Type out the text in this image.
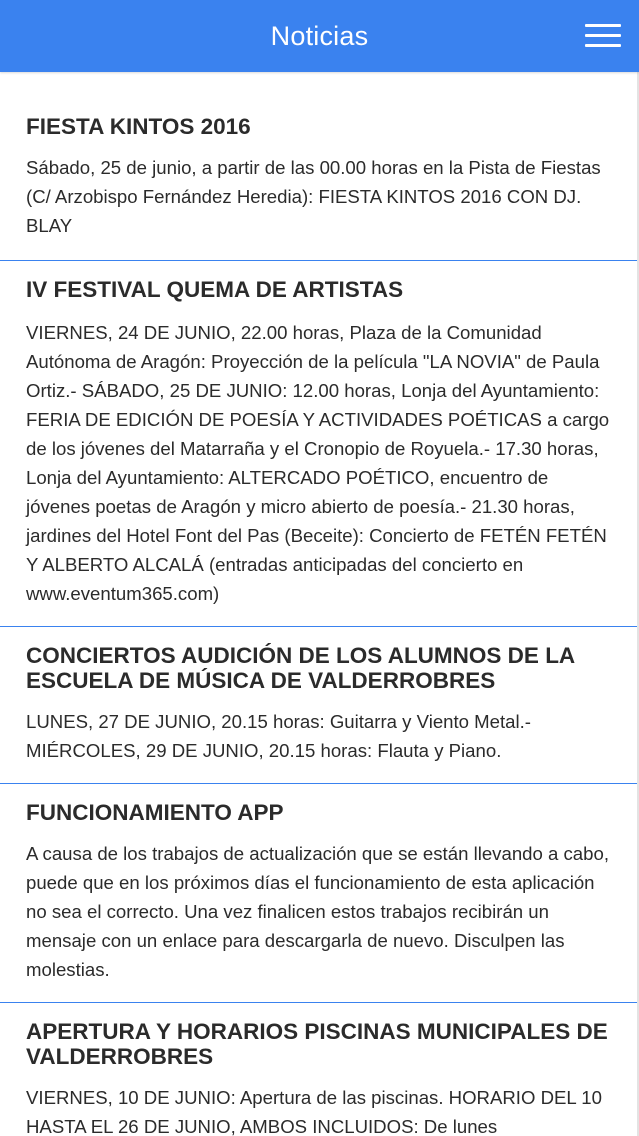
Noticias
FIESTA KINTOS 2016

Sábado, 25 de junio, a partir de las 00.00 horas en la Pista de Fiestas (C/ Arzobispo Fernández Heredia): FIESTA KINTOS 2016 CON DJ. BLAY

IV FESTIVAL QUEMA DE ARTISTAS

VIERNES, 24 DE JUNIO, 22.00 horas, Plaza de la Comunidad Autónoma de Aragón: Proyección de la película "LA NOVIA" de Paula Ortiz.- SÁBADO, 25 DE JUNIO: 12.00 horas, Lonja del Ayuntamiento: FERIA DE EDICIÓN DE POESÍA Y ACTIVIDADES POÉTICAS a cargo de los jóvenes del Matarraña y el Cronopio de Royuela.- 17.30 horas, Lonja del Ayuntamiento: ALTERCADO POÉTICO, encuentro de jóvenes poetas de Aragón y micro abierto de poesía.- 21.30 horas, jardines del Hotel Font del Pas (Beceite): Concierto de FETÉN FETÉN Y ALBERTO ALCALÁ (entradas anticipadas del concierto en www.eventum365.com)

CONCIERTOS AUDICIÓN DE LOS ALUMNOS DE LA ESCUELA DE MÚSICA DE VALDERROBRES

LUNES, 27 DE JUNIO, 20.15 horas: Guitarra y Viento Metal.- MIÉRCOLES, 29 DE JUNIO, 20.15 horas: Flauta y Piano.

FUNCIONAMIENTO APP

A causa de los trabajos de actualización que se están llevando a cabo, puede que en los próximos días el funcionamiento de esta aplicación no sea el correcto. Una vez finalicen estos trabajos recibirán un mensaje con un enlace para descargarla de nuevo. Disculpen las molestias.

APERTURA Y HORARIOS PISCINAS MUNICIPALES DE VALDERROBRES

VIERNES, 10 DE JUNIO: Apertura de las piscinas. HORARIO DEL 10 HASTA EL 26 DE JUNIO, AMBOS INCLUIDOS: De lunes
